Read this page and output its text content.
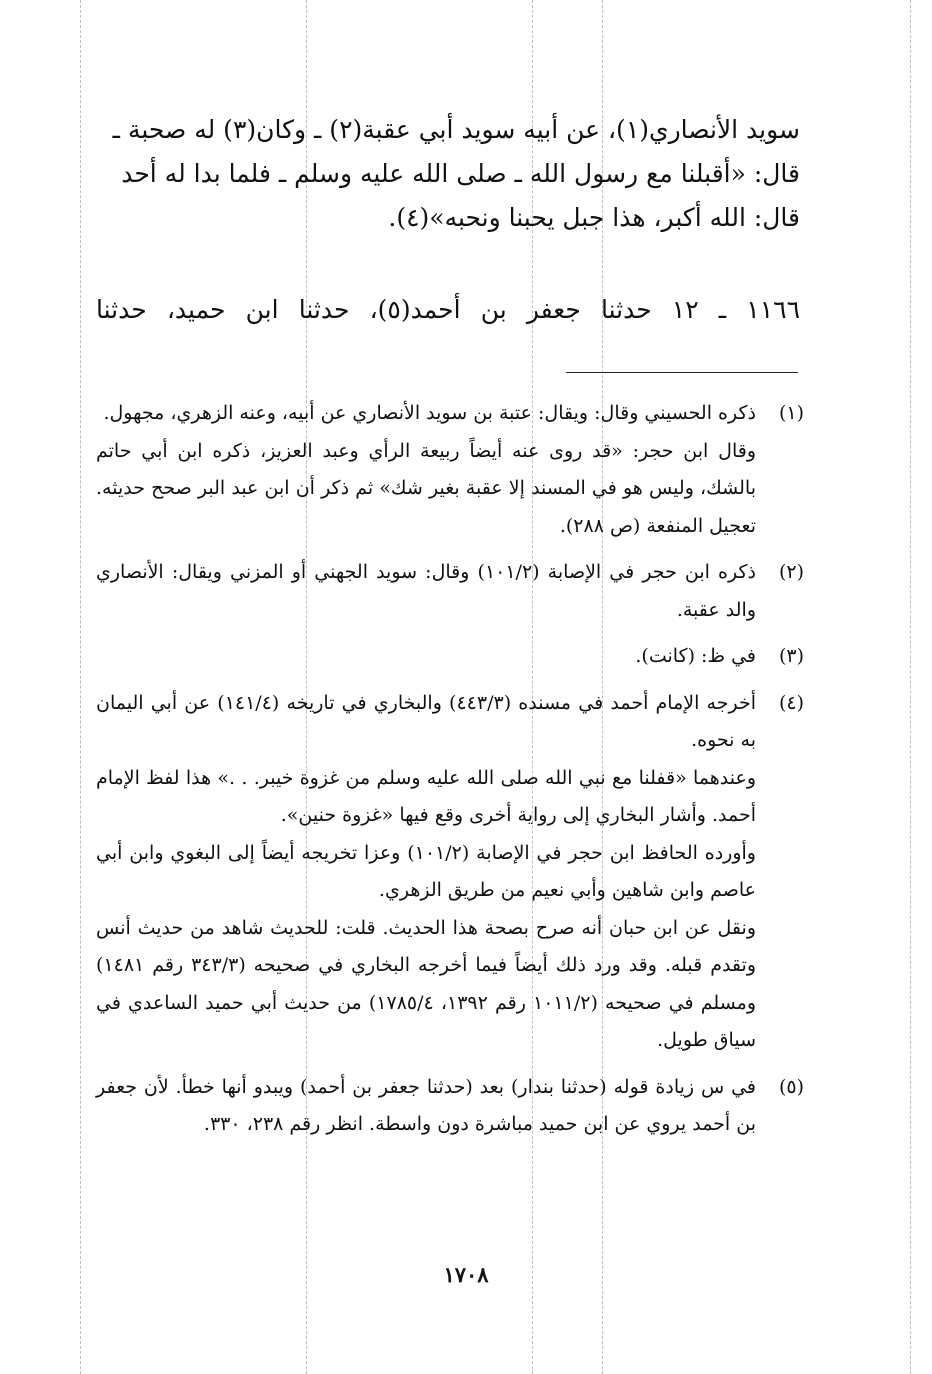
سويد الأنصاري(١)، عن أبيه سويد أبي عقبة(٢) ـ وكان(٣) له صحبة ـ

قال: «أقبلنا مع رسول الله ـ صلى الله عليه وسلم ـ فلما بدا له أحد

قال: الله أكبر، هذا جبل يحبنا ونحبه»(٤).

١١٦٦ ـ ١٢ حدثنا جعفر بن أحمد(٥)، حدثنا ابن حميد، حدثنا
(١)

ذكره الحسيني وقال: ويقال: عتبة بن سويد الأنصاري عن أبيه، وعنه الزهري، مجهول.

وقال ابن حجر: «قد روى عنه أيضاً ربيعة الرأي وعبد العزيز، ذكره ابن أبي حاتم بالشك، وليس هو في المسند إلا عقبة بغير شك» ثم ذكر أن ابن عبد البر صحح حديثه. تعجيل المنفعة (ص ٢٨٨).

(٢)

ذكره ابن حجر في الإصابة (١٠١/٢) وقال: سويد الجهني أو المزني ويقال: الأنصاري والد عقبة.

(٣)

في ظ: (كانت).

(٤)

أخرجه الإمام أحمد في مسنده (٤٤٣/٣) والبخاري في تاريخه (١٤١/٤) عن أبي اليمان به نحوه.

وعندهما «قفلنا مع نبي الله صلى الله عليه وسلم من غزوة خيبر. . .» هذا لفظ الإمام أحمد. وأشار البخاري إلى رواية أخرى وقع فيها «غزوة حنين».

وأورده الحافظ ابن حجر في الإصابة (١٠١/٢) وعزا تخريجه أيضاً إلى البغوي وابن أبي عاصم وابن شاهين وأبي نعيم من طريق الزهري.

ونقل عن ابن حبان أنه صرح بصحة هذا الحديث. قلت: للحديث شاهد من حديث أنس وتقدم قبله. وقد ورد ذلك أيضاً فيما أخرجه البخاري في صحيحه (٣٤٣/٣ رقم ١٤٨١) ومسلم في صحيحه (١٠١١/٢ رقم ١٣٩٢، ١٧٨٥/٤) من حديث أبي حميد الساعدي في سياق طويل.

(٥)

في س زيادة قوله (حدثنا بندار) بعد (حدثنا جعفر بن أحمد) ويبدو أنها خطأ. لأن جعفر بن أحمد يروي عن ابن حميد مباشرة دون واسطة. انظر رقم ٢٣٨، ٣٣٠.

١٧٠٨
